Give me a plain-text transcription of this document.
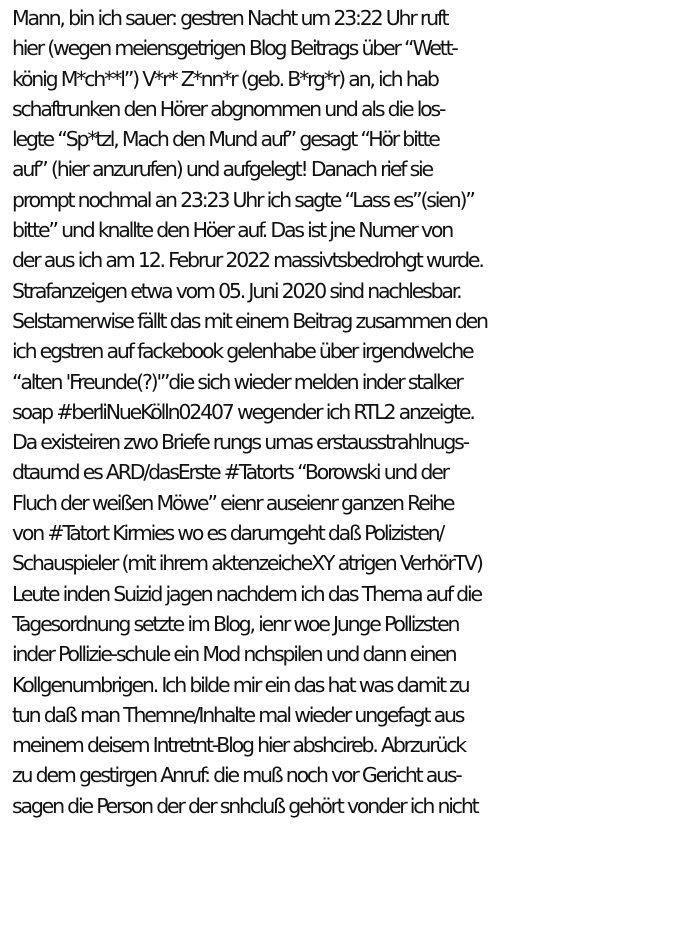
Mann, bin ich sauer: gestren Nacht um 23:22 Uhr ruft
hier (wegen meiensgetrigen Blog Beitrags über “Wett-
könig M*ch**l”) V*r* Z*nn*r (geb. B*rg*r) an, ich hab
schaftrunken den Hörer abgnommen und als die los-
legte “Sp*tzl, Mach den Mund auf” gesagt “Hör bitte
auf” (hier anzurufen) und aufgelegt! Danach rief sie
prompt nochmal an 23:23 Uhr ich sagte “Lass es”(sien)”
bitte” und knallte den Höer auf. Das ist jne Numer von
der aus ich am 12. Februr 2022 massivtsbedrohgt wurde.
Strafanzeigen etwa vom 05. Juni 2020 sind nachlesbar.
Selstamerwise fällt das mit einem Beitrag zusammen den
ich egstren auf fackebook gelenhabe über irgendwelche
“alten 'Freunde(?)'”die sich wieder melden inder stalker
soap #berliNueKölln02407 wegender ich RTL2 anzeigte.
Da existeiren zwo Briefe rungs umas erstausstrahlnugs-
dtaumd es ARD/dasErste #Tatorts “Borowski und der
Fluch der weißen Möwe” eienr auseienr ganzen Reihe
von #Tatort Kirmies wo es darumgeht daß Polizisten/
Schauspieler (mit ihrem aktenzeicheXY atrigen VerhörTV)
Leute inden Suizid jagen nachdem ich das Thema auf die
Tagesordnung setzte im Blog, ienr woe Junge Pollizsten
inder Pollizie-schule ein Mod nchspilen und dann einen
Kollgenumbrigen. Ich bilde mir ein das hat was damit zu
tun daß man Themne/Inhalte mal wieder ungefagt aus
meinem deisem Intretnt-Blog hier abshcireb. Abrzurück
zu dem gestirgen Anruf: die muß noch vor Gericht aus-
sagen die Person der der snhcluß gehört vonder ich nicht
